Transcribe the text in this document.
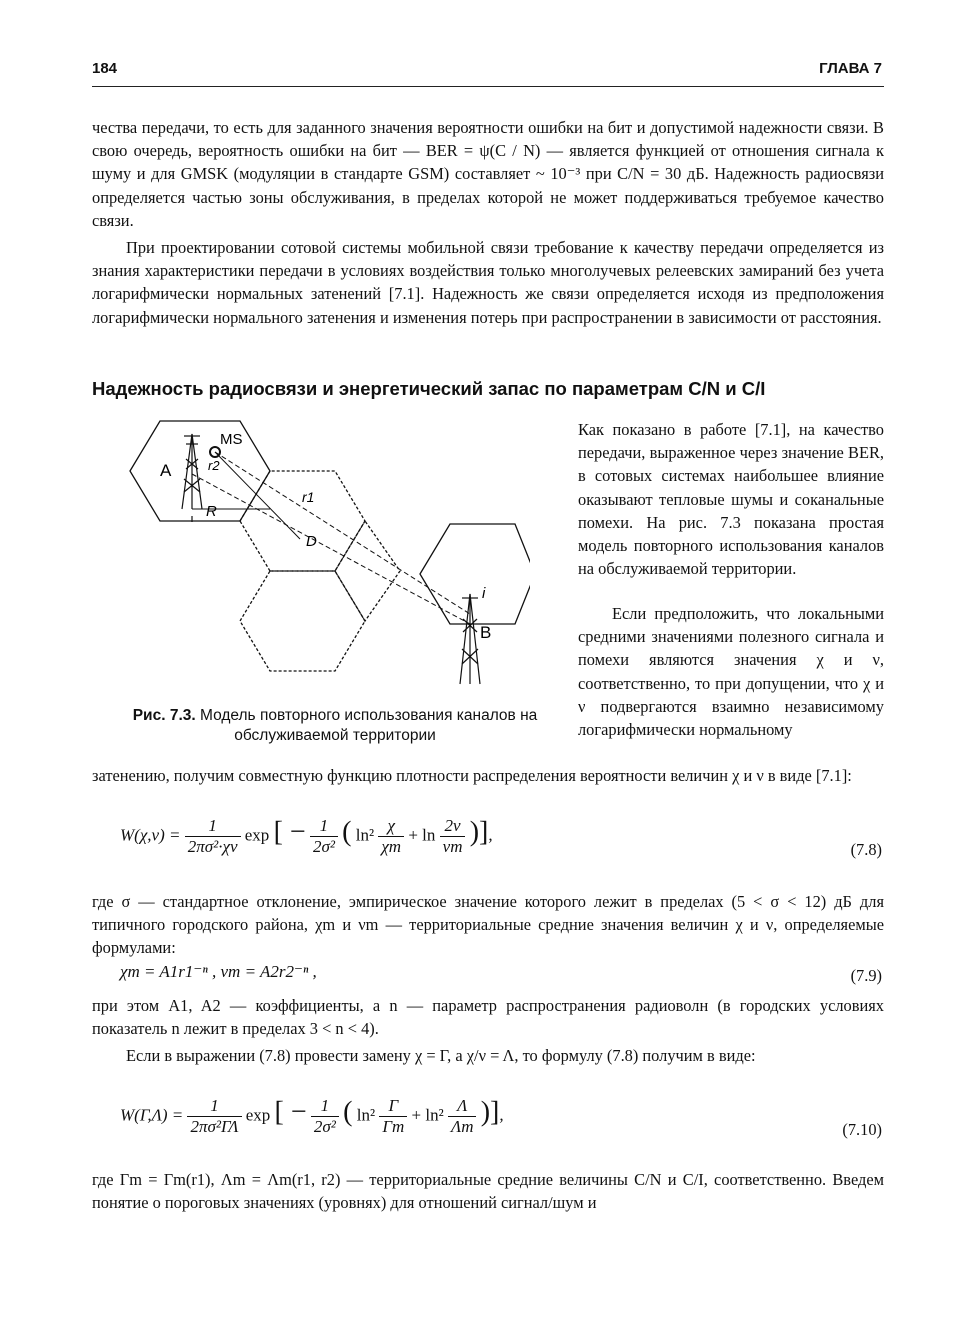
184	ГЛАВА 7
чества передачи, то есть для заданного значения вероятности ошибки на бит и допустимой надежности связи. В свою очередь, вероятность ошибки на бит — BER = ψ(C / N) — является функцией от отношения сигнала к шуму и для GMSK (модуляции в стандарте GSM) составляет ~ 10⁻³ при C/N = 30 дБ. Надежность радиосвязи определяется частью зоны обслуживания, в пределах которой не может поддерживаться требуемое качество связи.
При проектировании сотовой системы мобильной связи требование к качеству передачи определяется из знания характеристики передачи в условиях воздействия только многолучевых релеевских замираний без учета логарифмически нормальных затенений [7.1]. Надежность же связи определяется исходя из предположения логарифмически нормального затенения и изменения потерь при распространении в зависимости от расстояния.
Надежность радиосвязи и энергетический запас по параметрам C/N и C/I
A
B
MS
r2
r1
R
D
i
Рис. 7.3. Модель повторного использования каналов на обслуживаемой территории
Как показано в работе [7.1], на качество передачи, выраженное через значение BER, в сотовых системах наибольшее влияние оказывают тепловые шумы и соканальные помехи. На рис. 7.3 показана простая модель повторного использования каналов на обслуживаемой территории.
Если предположить, что локальными средними значениями полезного сигнала и помехи являются значения χ и ν, соответственно, то при допущении, что χ и ν подвергаются взаимно независимому логарифмически нормальному
затенению, получим совместную функцию плотности распределения вероятности величин χ и ν в виде [7.1]:
$W(\chi,\nu) = \frac{1}{\text{2πσ²·χν}}$ exp [ − $\frac{1}{\text{2σ²}}$ ( $\ln^2 \frac{\chi}{\chi m} + \ln \frac{2\nu}{\nu m}$ )],
(7.8)
где σ — стандартное отклонение, эмпирическое значение которого лежит в пределах (5 < σ < 12) дБ для типичного городского района, χm и νm — территориальные средние значения величин χ и ν, определяемые формулами:
χm = A1r1⁻ⁿ , νm = A2r2⁻ⁿ ,	(7.9)
при этом A1, A2 — коэффициенты, а n — параметр распространения радиоволн (в городских условиях показатель n лежит в пределах 3 < n < 4).
Если в выражении (7.8) провести замену χ = Γ, а χ/ν = Λ, то формулу (7.8) получим в виде:
$W(\Gamma,\Lambda) = \frac{1}{\text{2πσ²ΓΛ}}$ exp [ − $\frac{1}{\text{2σ²}}$ ( $\ln^2 \frac{\Gamma}{\Gamma m} + \ln^2 \frac{\Lambda}{\Lambda m}$ )],
(7.10)
где Γm = Γm(r1), Λm = Λm(r1, r2) — территориальные средние величины C/N и C/I, соответственно. Введем понятие о пороговых значениях (уровнях) для отношений сигнал/шум и
